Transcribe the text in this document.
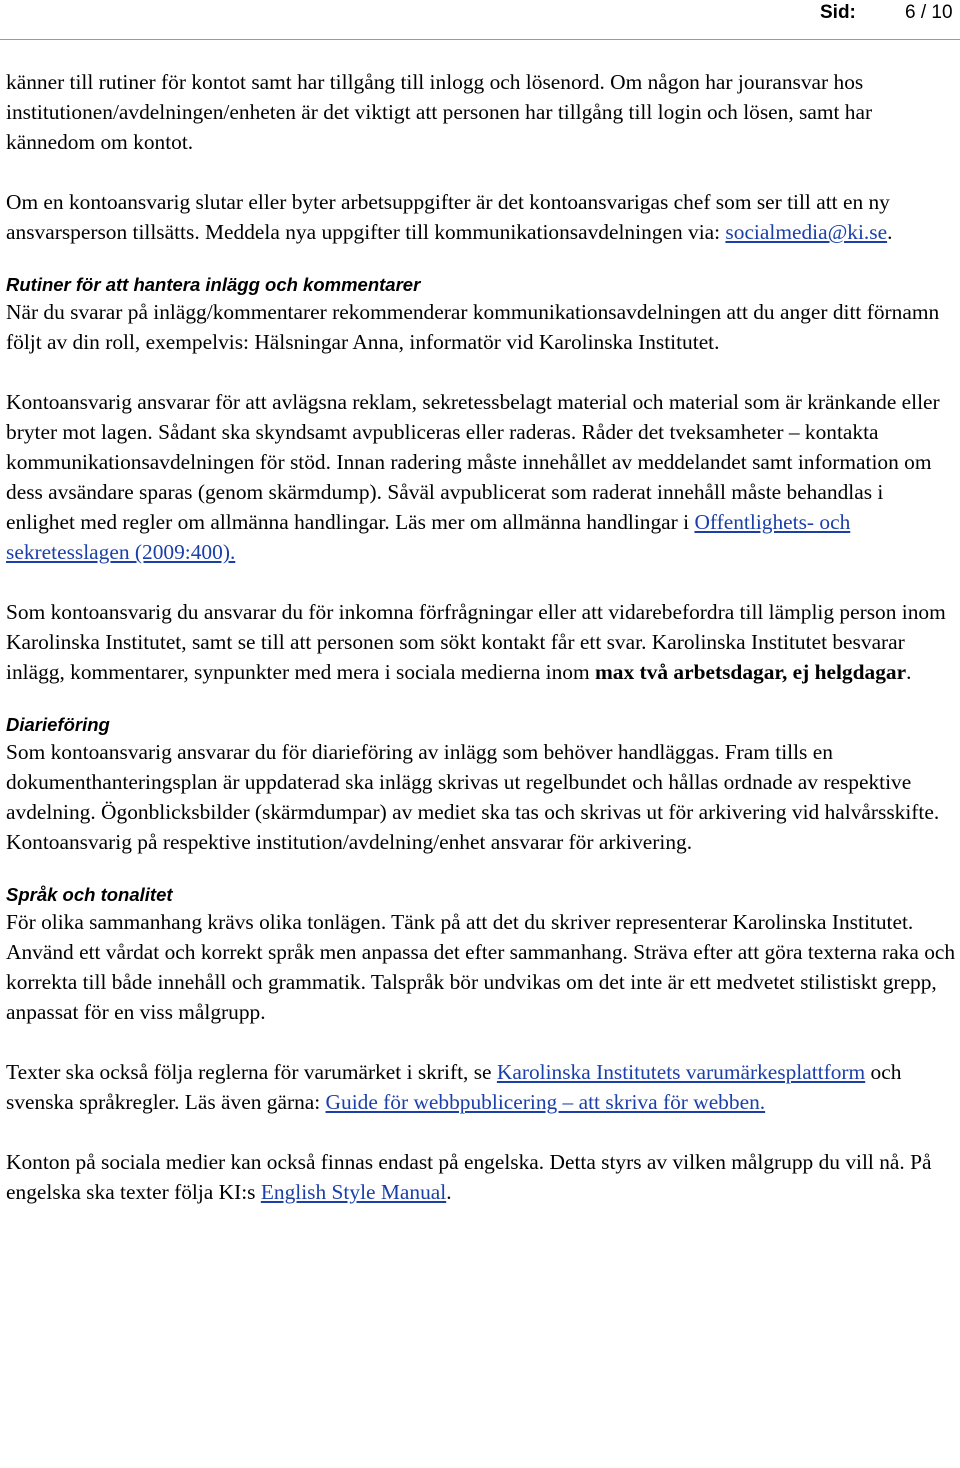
Sid:	6 / 10

känner till rutiner för kontot samt har tillgång till inlogg och lösenord. Om någon har jouransvar hos institutionen/avdelningen/enheten är det viktigt att personen har tillgång till login och lösen, samt har kännedom om kontot.

Om en kontoansvarig slutar eller byter arbetsuppgifter är det kontoansvarigas chef som ser till att en ny ansvarsperson tillsätts. Meddela nya uppgifter till kommunikationsavdelningen via: socialmedia@ki.se.

Rutiner för att hantera inlägg och kommentarer

När du svarar på inlägg/kommentarer rekommenderar kommunikationsavdelningen att du anger ditt förnamn följt av din roll, exempelvis: Hälsningar Anna, informatör vid Karolinska Institutet.

Kontoansvarig ansvarar för att avlägsna reklam, sekretessbelagt material och material som är kränkande eller bryter mot lagen. Sådant ska skyndsamt avpubliceras eller raderas. Råder det tveksamheter – kontakta kommunikationsavdelningen för stöd. Innan radering måste innehållet av meddelandet samt information om dess avsändare sparas (genom skärmdump). Såväl avpublicerat som raderat innehåll måste behandlas i enlighet med regler om allmänna handlingar. Läs mer om allmänna handlingar i Offentlighets- och sekretesslagen (2009:400).

Som kontoansvarig du ansvarar du för inkomna förfrågningar eller att vidarebefordra till lämplig person inom Karolinska Institutet, samt se till att personen som sökt kontakt får ett svar. Karolinska Institutet besvarar inlägg, kommentarer, synpunkter med mera i sociala medierna inom max två arbetsdagar, ej helgdagar.

Diarieföring

Som kontoansvarig ansvarar du för diarieföring av inlägg som behöver handläggas. Fram tills en dokumenthanteringsplan är uppdaterad ska inlägg skrivas ut regelbundet och hållas ordnade av respektive avdelning. Ögonblicksbilder (skärmdumpar) av mediet ska tas och skrivas ut för arkivering vid halvårsskifte. Kontoansvarig på respektive institution/avdelning/enhet ansvarar för arkivering.

Språk och tonalitet

För olika sammanhang krävs olika tonlägen. Tänk på att det du skriver representerar Karolinska Institutet. Använd ett vårdat och korrekt språk men anpassa det efter sammanhang. Sträva efter att göra texterna raka och korrekta till både innehåll och grammatik. Talspråk bör undvikas om det inte är ett medvetet stilistiskt grepp, anpassat för en viss målgrupp.

Texter ska också följa reglerna för varumärket i skrift, se Karolinska Institutets varumärkesplattform och svenska språkregler. Läs även gärna: Guide för webbpublicering – att skriva för webben.

Konton på sociala medier kan också finnas endast på engelska. Detta styrs av vilken målgrupp du vill nå. På engelska ska texter följa KI:s English Style Manual.
